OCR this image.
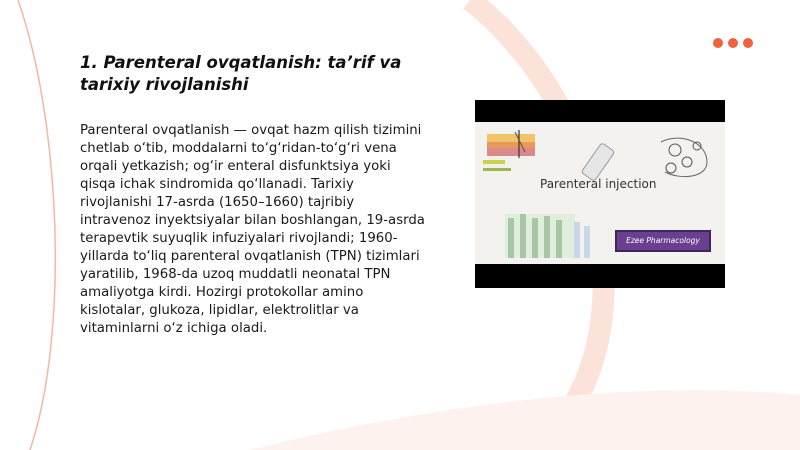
1. Parenteral ovqatlanish: ta’rif va tarixiy rivojlanishi

Parenteral ovqatlanish — ovqat hazm qilish tizimini chetlab o‘tib, moddalarni to‘g‘ridan-to‘g‘ri vena orqali yetkazish; og‘ir enteral disfunktsiya yoki qisqa ichak sindromida qo‘llanadi. Tarixiy rivojlanishi 17-asrda (1650–1660) tajribiy intravenoz inyektsiyalar bilan boshlangan, 19-asrda terapevtik suyuqlik infuziyalari rivojlandi; 1960-yillarda to‘liq parenteral ovqatlanish (TPN) tizimlari yaratilib, 1968-da uzoq muddatli neonatal TPN amaliyotga kirdi. Hozirgi protokollar amino kislotalar, glukoza, lipidlar, elektrolitlar va vitaminlarni o‘z ichiga oladi.

Parenteral injection
Ezee Pharmacology
